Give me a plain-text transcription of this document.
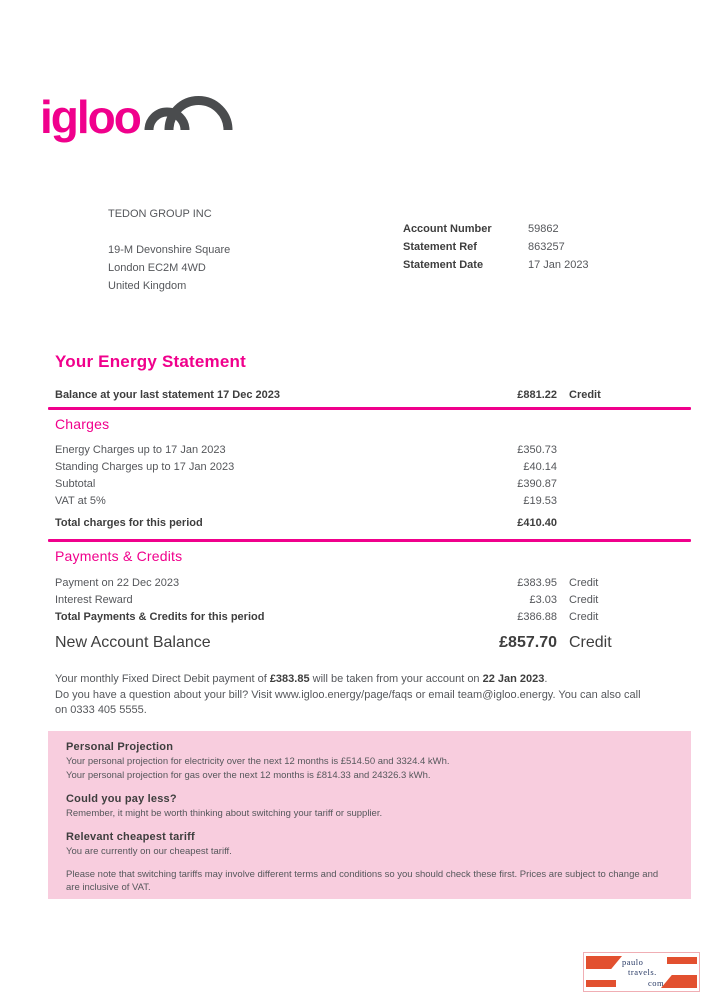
igloo
TEDON GROUP INC
19-M Devonshire Square
London EC2M 4WD
United Kingdom
Account Number	59862
Statement Ref	863257
Statement Date	17 Jan 2023
Your Energy Statement
Balance at your last statement 17 Dec 2023	£881.22	Credit
Charges
Energy Charges up to 17 Jan 2023	£350.73
Standing Charges up to 17 Jan 2023	£40.14
Subtotal	£390.87
VAT at 5%	£19.53
Total charges for this period	£410.40
Payments & Credits
Payment on 22 Dec 2023	£383.95	Credit
Interest Reward	£3.03	Credit
Total Payments & Credits for this period	£386.88	Credit
New Account Balance	£857.70 Credit
Your monthly Fixed Direct Debit payment of £383.85 will be taken from your account on 22 Jan 2023.
Do you have a question about your bill? Visit www.igloo.energy/page/faqs or email team@igloo.energy. You can also call on 0333 405 5555.
Personal Projection
Your personal projection for electricity over the next 12 months is £514.50 and 3324.4 kWh.
Your personal projection for gas over the next 12 months is £814.33 and 24326.3 kWh.
Could you pay less?
Remember, it might be worth thinking about switching your tariff or supplier.
Relevant cheapest tariff
You are currently on our cheapest tariff.
Please note that switching tariffs may involve different terms and conditions so you should check these first. Prices are subject to change and are inclusive of VAT.
paulo
travels.
com
